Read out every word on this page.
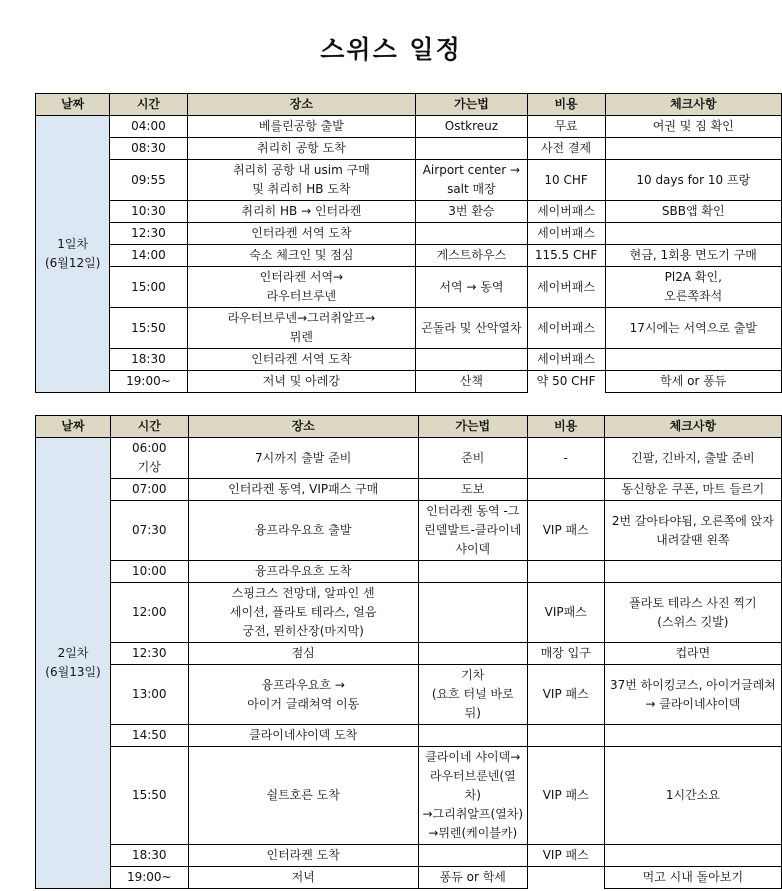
스위스 일정
날짜	시간	장소	가는법	비용	체크사항
1일차
(6월12일)	04:00	베를린공항 출발	Ostkreuz	무료	여권 및 짐 확인
	08:30	취리히 공항 도착		사전 결제	
	09:55	취리히 공항 내 usim 구매
및 취리히 HB 도착	Airport center →
salt 매장	10 CHF	10 days for 10 프랑
	10:30	취리히 HB → 인터라켄	3번 환승	세이버패스	SBB앱 확인
	12:30	인터라켄 서역 도착		세이버패스	
	14:00	숙소 체크인 및 점심	게스트하우스	115.5 CHF	현금, 1회용 면도기 구매
	15:00	인터라켄 서역→
라우터브루넨	서역 → 동역	세이버패스	Pl2A 확인,
오른쪽좌석
	15:50	라우터브루넨→그러취알프→
뮈렌	곤돌라 및 산악열차	세이버패스	17시에는 서역으로 출발
	18:30	인터라켄 서역 도착		세이버패스	
	19:00~	저녁 및 아레강	산책	약 50 CHF	학세 or 퐁듀
날짜	시간	장소	가는법	비용	체크사항
2일차
(6월13일)	06:00
기상	7시까지 출발 준비	준비	-	긴팔, 긴바지, 출발 준비
	07:00	인터라켄 동역, VIP패스 구매	도보		동신항운 쿠폰, 마트 들르기
	07:30	융프라우요흐 출발	인터라켄 동역 -그
린델발트-클라이네
샤이덱	VIP 패스	2번 갈아타야됨, 오른쪽에 앉자
내려갈땐 왼쪽
	10:00	융프라우요흐 도착			
	12:00	스핑크스 전망대, 알파인 센
세이션, 플라토 테라스, 얼음
궁전, 묀히산장(마지막)		VIP패스	플라토 테라스 사진 찍기
(스위스 깃발)
	12:30	점심		매장 입구	컵라면
	13:00	융프라우요흐 →
아이거 글래쳐역 이동	기차
(요흐 터널 바로 뒤)	VIP 패스	37번 하이킹코스, 아이거글레쳐
→ 클라이네샤이덱
	14:50	클라이네샤이덱 도착			
	15:50	쉴트호른 도착	클라이네 샤이덱→
라우터브룬넨(열차)
→그리취알프(열차)
→뮈렌(케이블카)	VIP 패스	1시간소요
	18:30	인터라켄 도착		VIP 패스	
	19:00~	저녁	퐁듀 or 학세		먹고 시내 돌아보기
